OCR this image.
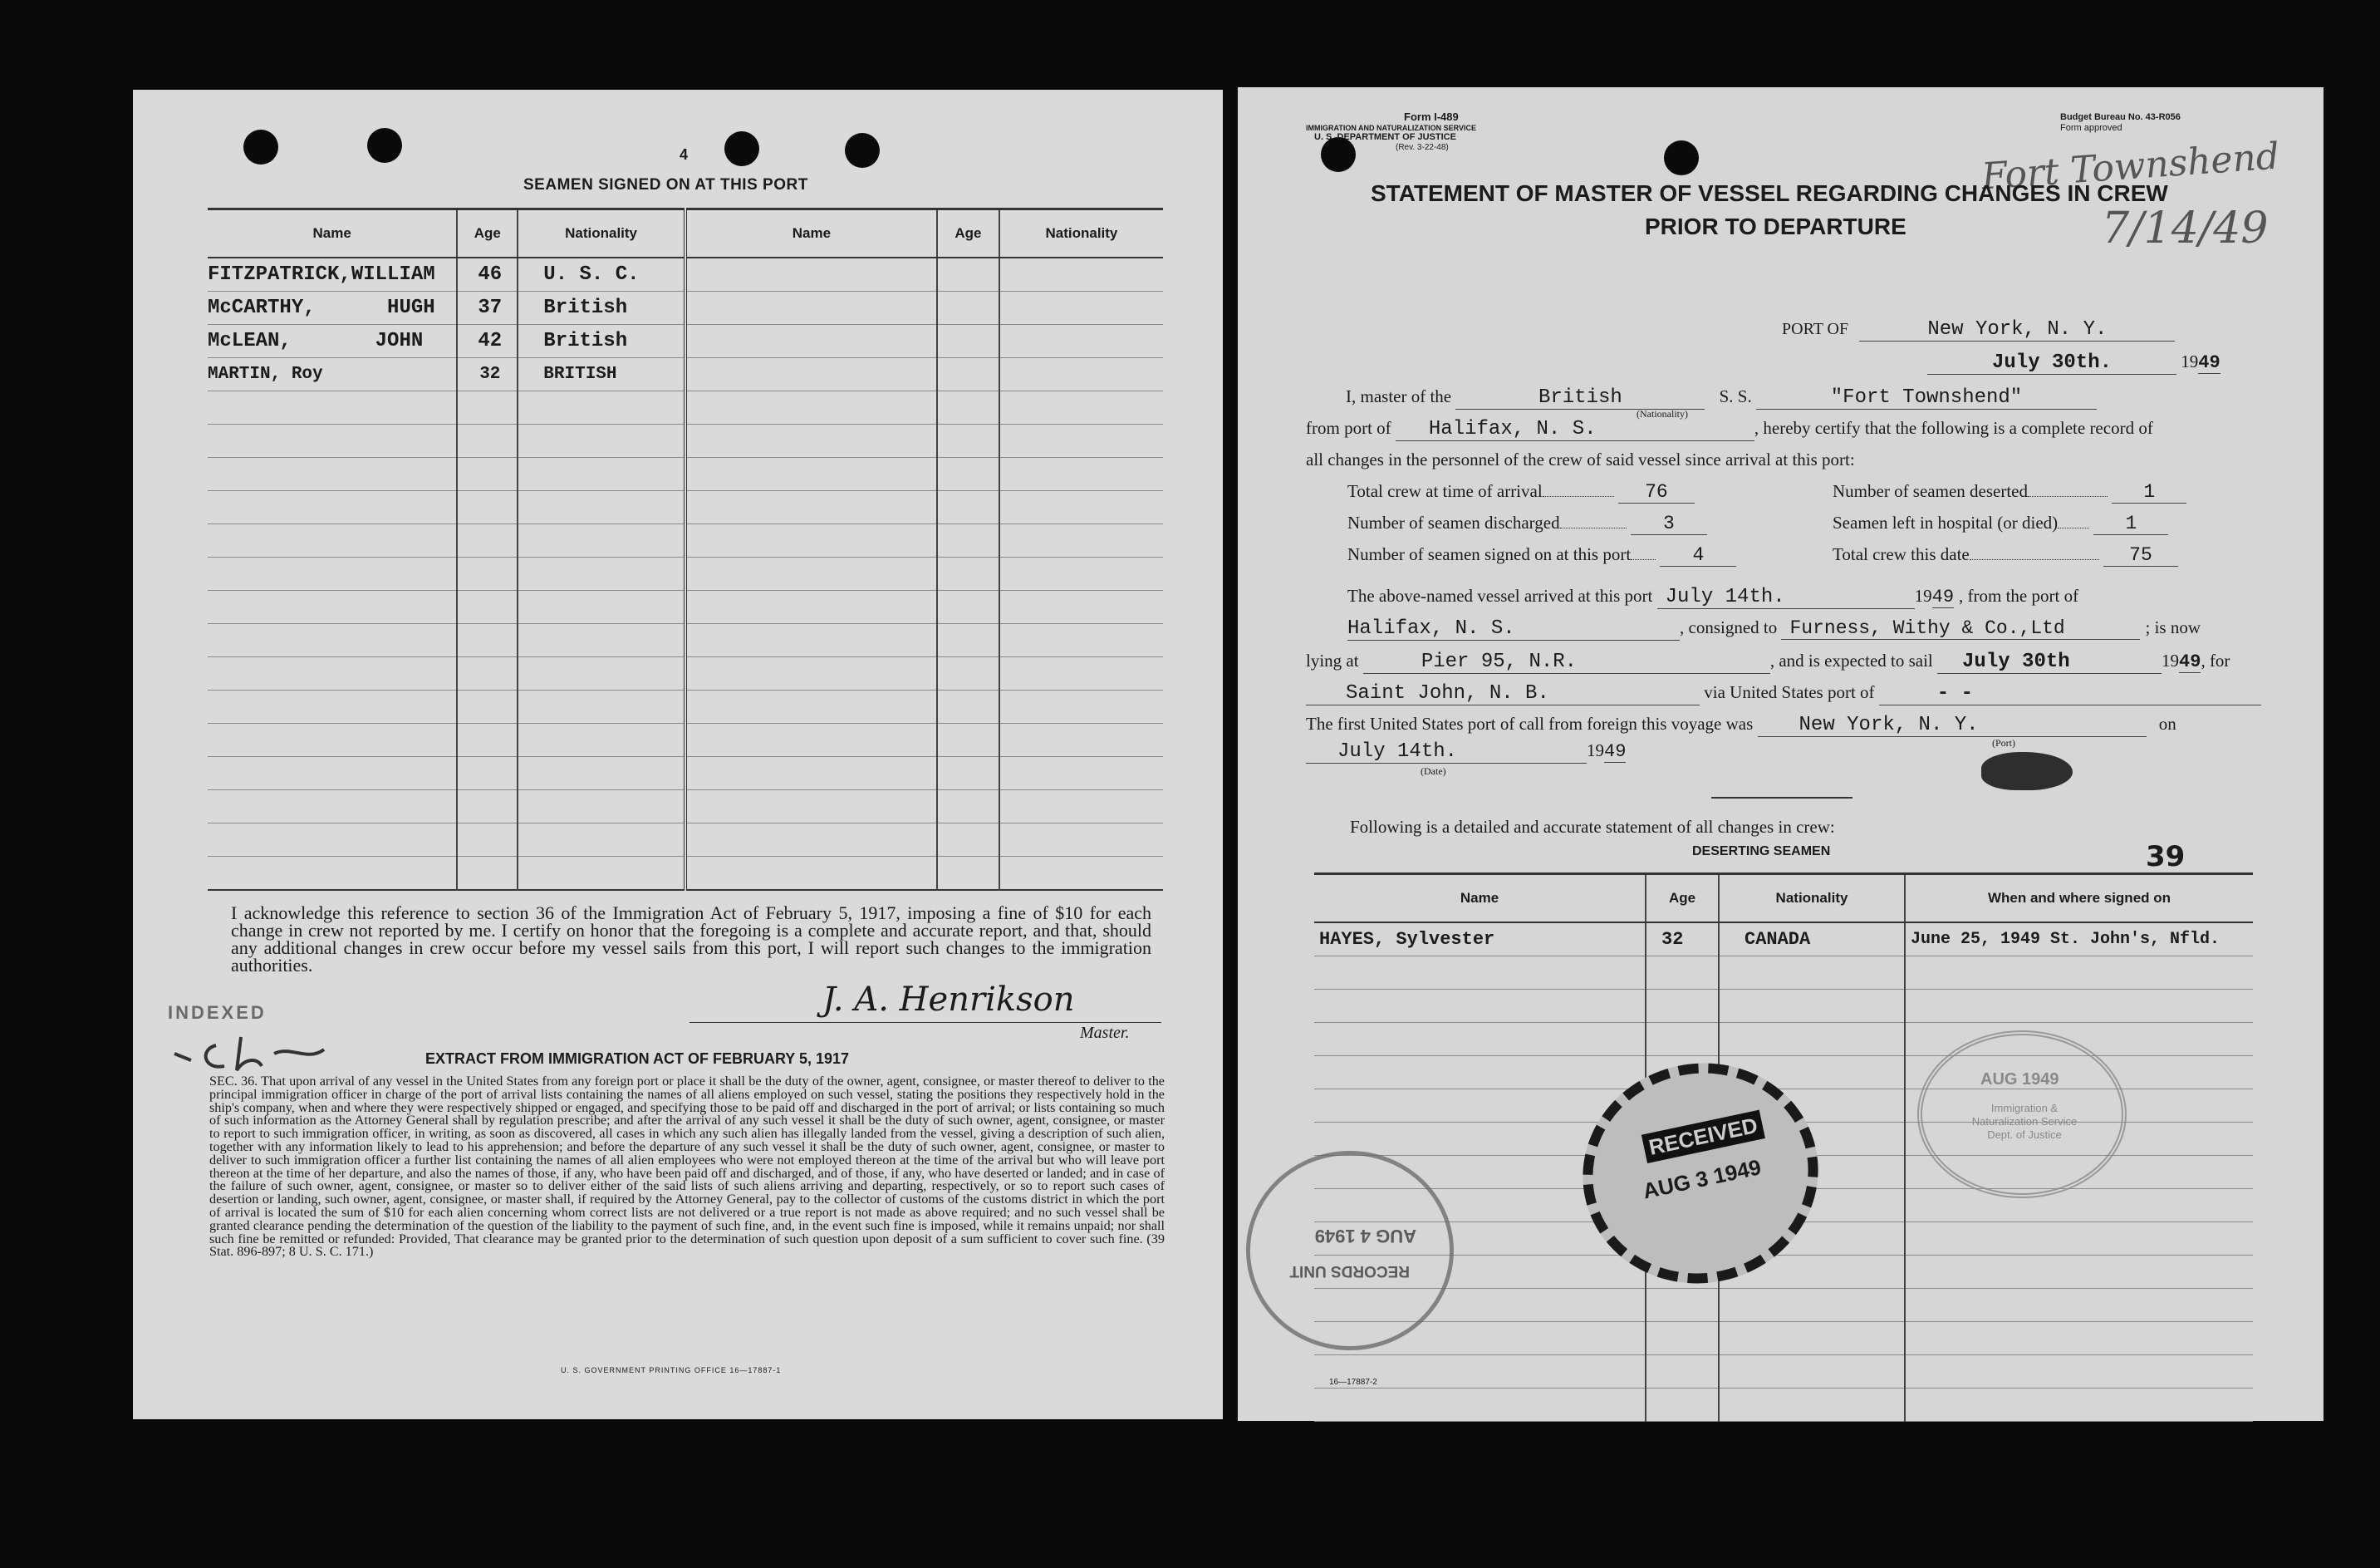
4
SEAMEN SIGNED ON AT THIS PORT
Name	Age	Nationality	Name	Age	Nationality
FITZPATRICK,WILLIAM	46	U. S. C.			
McCARTHY,      HUGH	37	British			
McLEAN,       JOHN	42	British			
MARTIN, Roy	32	BRITISH			

I acknowledge this reference to section 36 of the Immigration Act of February 5, 1917, imposing a fine of $10 for each change in crew not reported by me. I certify on honor that the foregoing is a complete and accurate report, and that, should any additional changes in crew occur before my vessel sails from this port, I will report such changes to the immigration authorities.
INDEXED	J. A. Henrikson
Master.
EXTRACT FROM IMMIGRATION ACT OF FEBRUARY 5, 1917
SEC. 36. That upon arrival of any vessel in the United States from any foreign port or place it shall be the duty of the owner, agent, consignee, or master thereof to deliver to the principal immigration officer in charge of the port of arrival lists containing the names of all aliens employed on such vessel, stating the positions they respectively hold in the ship's company, when and where they were respectively shipped or engaged, and specifying those to be paid off and discharged in the port of arrival; or lists containing so much of such information as the Attorney General shall by regulation prescribe; and after the arrival of any such vessel it shall be the duty of such owner, agent, consignee, or master to report to such immigration officer, in writing, as soon as discovered, all cases in which any such alien has illegally landed from the vessel, giving a description of such alien, together with any information likely to lead to his apprehension; and before the departure of any such vessel it shall be the duty of such owner, agent, consignee, or master to deliver to such immigration officer a further list containing the names of all alien employees who were not employed thereon at the time of the arrival but who will leave port thereon at the time of her departure, and also the names of those, if any, who have been paid off and discharged, and of those, if any, who have deserted or landed; and in case of the failure of such owner, agent, consignee, or master so to deliver either of the said lists of such aliens arriving and departing, respectively, or so to report such cases of desertion or landing, such owner, agent, consignee, or master shall, if required by the Attorney General, pay to the collector of customs of the customs district in which the port of arrival is located the sum of $10 for each alien concerning whom correct lists are not delivered or a true report is not made as above required; and no such vessel shall be granted clearance pending the determination of the question of the liability to the payment of such fine, and, in the event such fine is imposed, while it remains unpaid; nor shall such fine be remitted or refunded: Provided, That clearance may be granted prior to the determination of such question upon deposit of a sum sufficient to cover such fine. (39 Stat. 896-897; 8 U. S. C. 171.)
U. S. GOVERNMENT PRINTING OFFICE 16—17887-1
Form I-489
IMMIGRATION AND NATURALIZATION SERVICE
U. S. DEPARTMENT OF JUSTICE
(Rev. 3-22-48)
Budget Bureau No. 43-R056
Form approved
Fort Townshend
7/14/49
STATEMENT OF MASTER OF VESSEL REGARDING CHANGES IN CREW
PRIOR TO DEPARTURE
PORT OF	New York, N. Y.
July 30th.	1949
I, master of the	British	S. S.	"Fort Townshend"
(Nationality)
from port of Halifax, N. S.	, hereby certify that the following is a complete record of
all changes in the personnel of the crew of said vessel since arrival at this port:
Total crew at time of arrival	76
Number of seamen discharged	3
Number of seamen signed on at this port	4
Number of seamen deserted	1
Seamen left in hospital (or died)	1
Total crew this date	75
The above-named vessel arrived at this port July 14th.	1949 , from the port of
Halifax, N. S.	, consigned to Furness, Withy & Co.,Ltd	; is now
lying at	Pier 95, N.R.	, and is expected to sail July 30th	1949, for
Saint John, N. B.	via United States port of	- -
The first United States port of call from foreign this voyage was New York, N. Y.	on
(Port)
July 14th.	1949
(Date)
Following is a detailed and accurate statement of all changes in crew:
DESERTING SEAMEN	39
Name	Age	Nationality	When and where signed on
HAYES, Sylvester	32	CANADA	June 25, 1949 St. John's, Nfld.

16—17887-2
RECEIVED
AUG 3 1949
RECORDS UNIT
AUG 4 1949
AUG 1949
Immigration & Naturalization Service Dept. of Justice
